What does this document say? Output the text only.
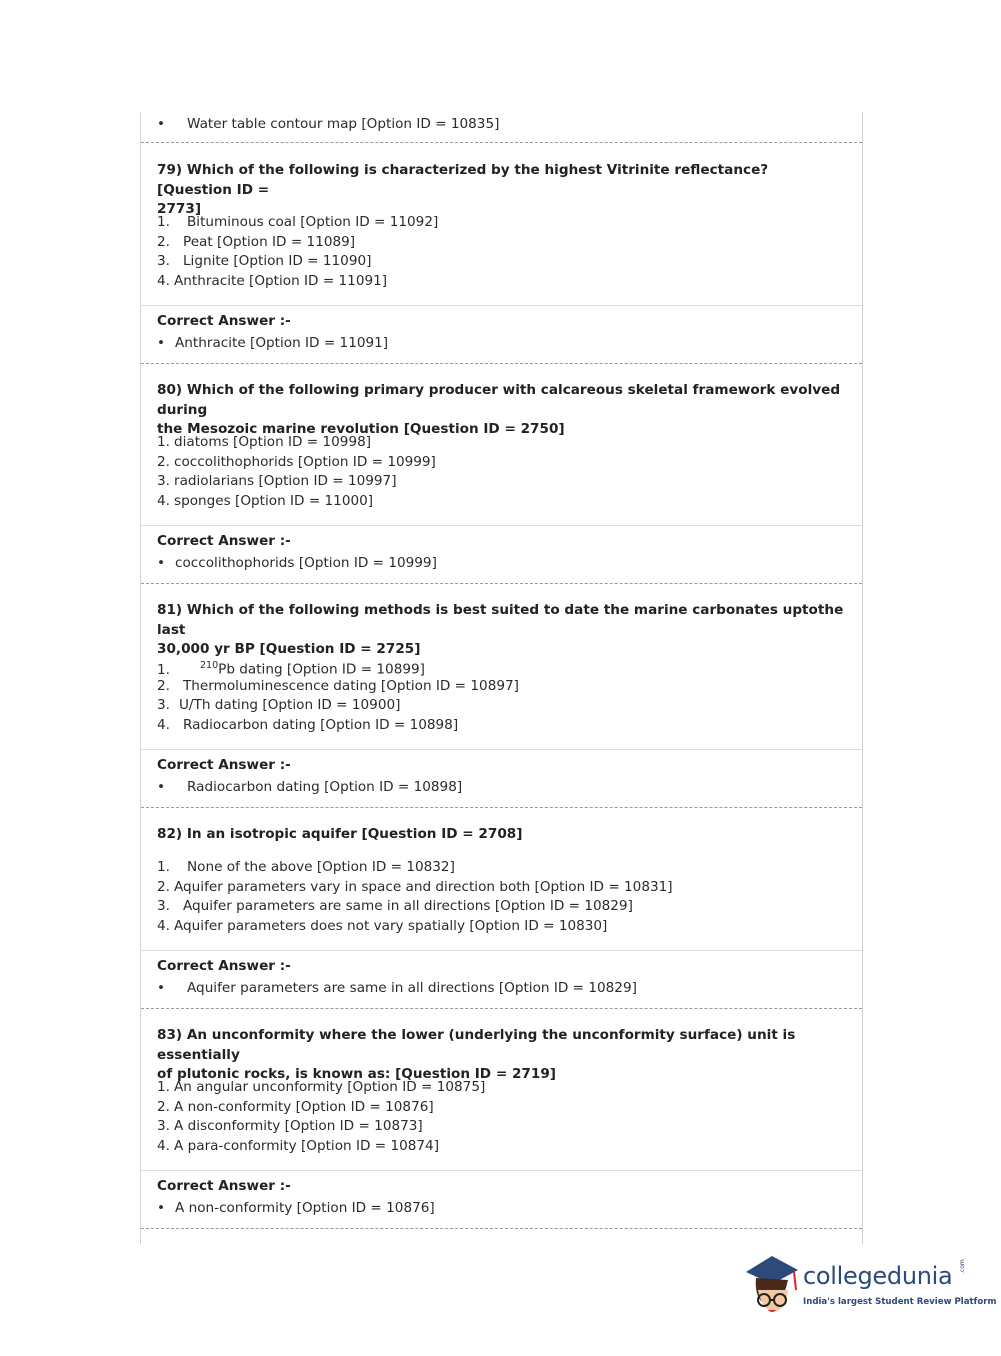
• Water table contour map [Option ID = 10835]
79) Which of the following is characterized by the highest Vitrinite reflectance? [Question ID =
2773]
1. Bituminous coal [Option ID = 11092]
2. Peat [Option ID = 11089]
3. Lignite [Option ID = 11090]
4. Anthracite [Option ID = 11091]
Correct Answer :-
• Anthracite [Option ID = 11091]
80) Which of the following primary producer with calcareous skeletal framework evolved during
the Mesozoic marine revolution [Question ID = 2750]
1. diatoms [Option ID = 10998]
2. coccolithophorids [Option ID = 10999]
3. radiolarians [Option ID = 10997]
4. sponges [Option ID = 11000]
Correct Answer :-
• coccolithophorids [Option ID = 10999]
81) Which of the following methods is best suited to date the marine carbonates uptothe last
30,000 yr BP [Question ID = 2725]
1.	$^{210}$Pb dating [Option ID = 10899]
2. Thermoluminescence dating [Option ID = 10897]
3. U/Th dating [Option ID = 10900]
4. Radiocarbon dating [Option ID = 10898]
Correct Answer :-
• Radiocarbon dating [Option ID = 10898]
82) In an isotropic aquifer [Question ID = 2708]
1. None of the above [Option ID = 10832]
2. Aquifer parameters vary in space and direction both [Option ID = 10831]
3. Aquifer parameters are same in all directions [Option ID = 10829]
4. Aquifer parameters does not vary spatially [Option ID = 10830]
Correct Answer :-
• Aquifer parameters are same in all directions [Option ID = 10829]
83) An unconformity where the lower (underlying the unconformity surface) unit is essentially
of plutonic rocks, is known as: [Question ID = 2719]
1. An angular unconformity [Option ID = 10875]
2. A non-conformity [Option ID = 10876]
3. A disconformity [Option ID = 10873]
4. A para-conformity [Option ID = 10874]
Correct Answer :-
• A non-conformity [Option ID = 10876]
collegedunia .com
India's largest Student Review Platform
